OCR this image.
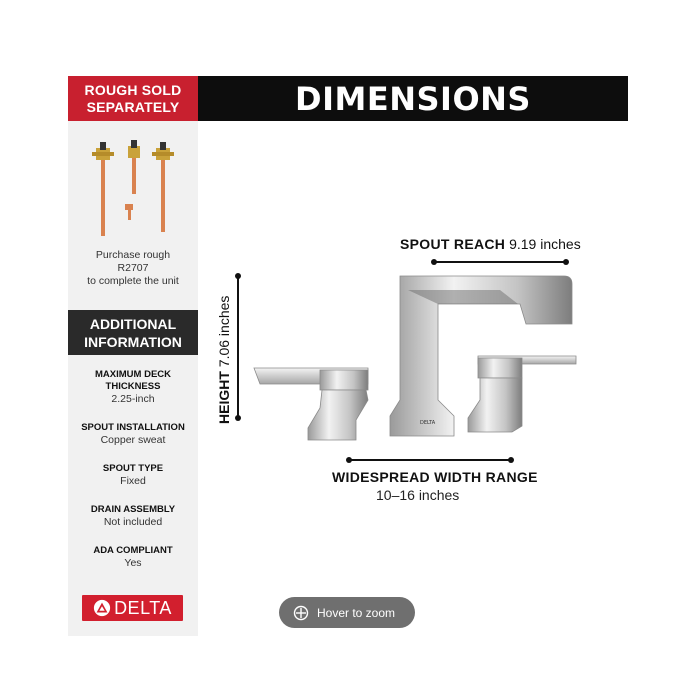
ROUGH SOLD
SEPARATELY	DIMENSIONS
Purchase rough
R2707
to complete the unit
ADDITIONAL
INFORMATION
MAXIMUM DECK
THICKNESS
2.25-inch
SPOUT INSTALLATION
Copper sweat
SPOUT TYPE
Fixed
DRAIN ASSEMBLY
Not included
ADA COMPLIANT
Yes
DELTA
SPOUT REACH 9.19 inches
HEIGHT 7.06 inches
DELTA
WIDESPREAD WIDTH RANGE
10–16 inches
Hover to zoom
